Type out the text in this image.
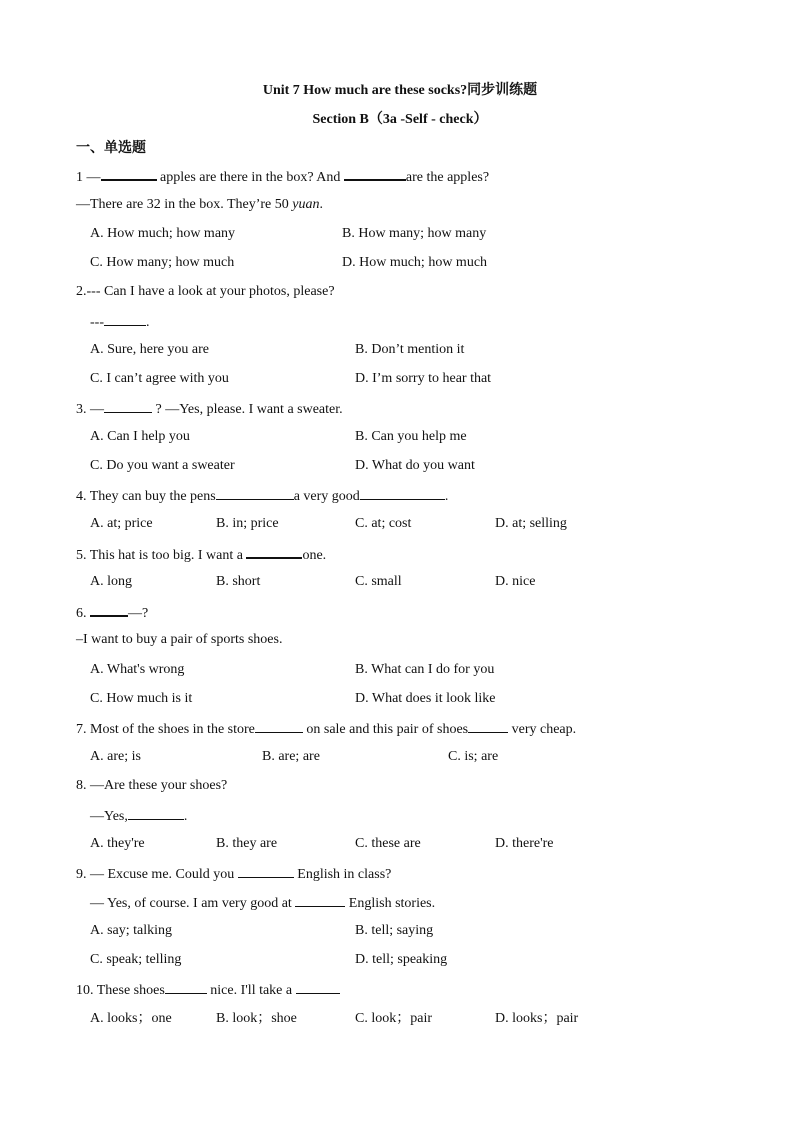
Unit 7 How much are these socks?同步训练题
Section B（3a -Self - check）
一、单选题
1 —	apples are there in the box? And	are the apples?
—There are 32 in the box. They’re 50 yuan.
A. How much; how many	B. How many; how many
C. How many; how much	D. How much; how much
2.--- Can I have a look at your photos, please?
---	.
A. Sure, here you are	B. Don’t mention it
C. I can’t agree with you	D. I’m sorry to hear that
3. —	? —Yes, please. I want a sweater.
A. Can I help you	B. Can you help me
C. Do you want a sweater	D. What do you want
4. They can buy the pens	a very good	.
A. at; price	B. in; price	C. at; cost	D. at; selling
5. This hat is too big. I want a	one.
A. long	B. short	C. small	D. nice
6.	—?
–I want to buy a pair of sports shoes.
A. What's wrong	B. What can I do for you
C. How much is it	D. What does it look like
7. Most of the shoes in the store	on sale and this pair of shoes	very cheap.
A. are; is	B. are; are	C. is; are
8. —Are these your shoes?
—Yes,	.
A. they're	B. they are	C. these are	D. there're
9. — Excuse me. Could you	English in class?
— Yes, of course. I am very good at	English stories.
A. say; talking	B. tell; saying
C. speak; telling	D. tell; speaking
10. These shoes	nice. I'll take a
A. looks；one	B. look；shoe	C. look；pair	D. looks；pair
